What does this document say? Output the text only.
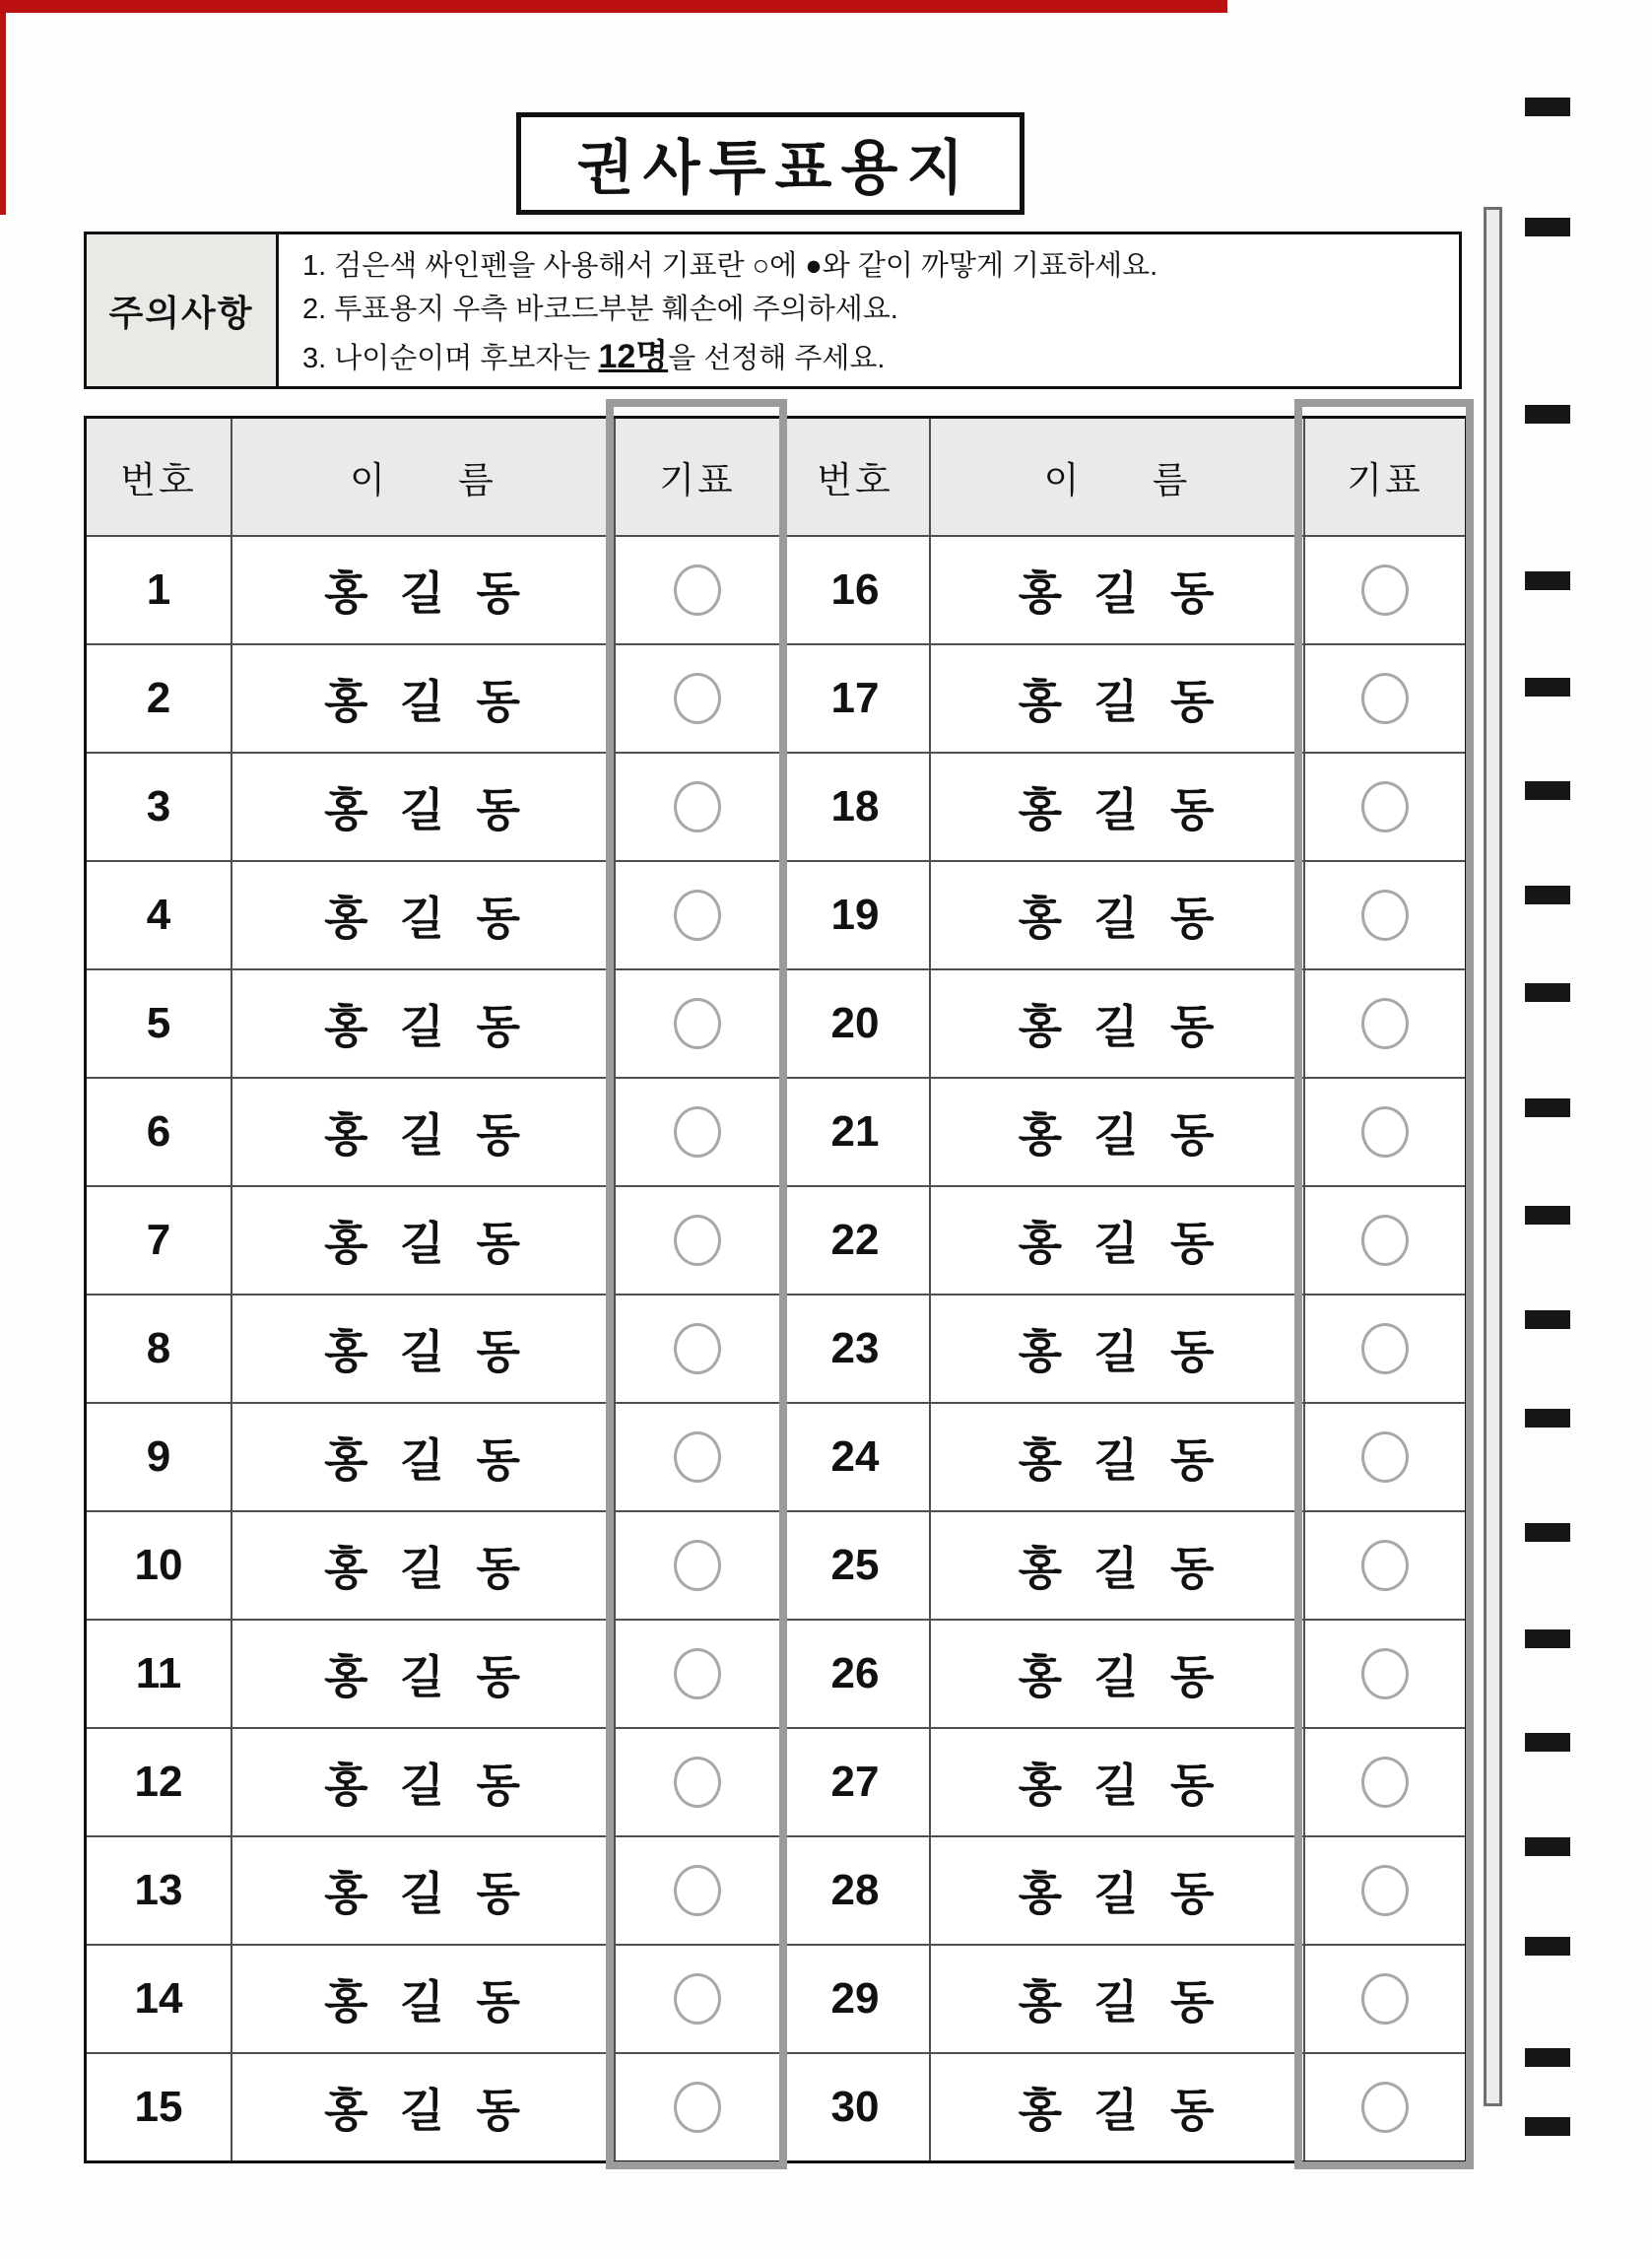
권사투표용지
주의사항
1. 검은색 싸인펜을 사용해서 기표란 ○에 ●와 같이 까맣게 기표하세요.
2. 투표용지 우측 바코드부분 훼손에 주의하세요.
3. 나이순이며 후보자는 12명을 선정해 주세요.
번호	이 름	기표	번호	이 름	기표
1	홍 길 동	16	홍 길 동
2	홍 길 동	17	홍 길 동
3	홍 길 동	18	홍 길 동
4	홍 길 동	19	홍 길 동
5	홍 길 동	20	홍 길 동
6	홍 길 동	21	홍 길 동
7	홍 길 동	22	홍 길 동
8	홍 길 동	23	홍 길 동
9	홍 길 동	24	홍 길 동
10	홍 길 동	25	홍 길 동
11	홍 길 동	26	홍 길 동
12	홍 길 동	27	홍 길 동
13	홍 길 동	28	홍 길 동
14	홍 길 동	29	홍 길 동
15	홍 길 동	30	홍 길 동
